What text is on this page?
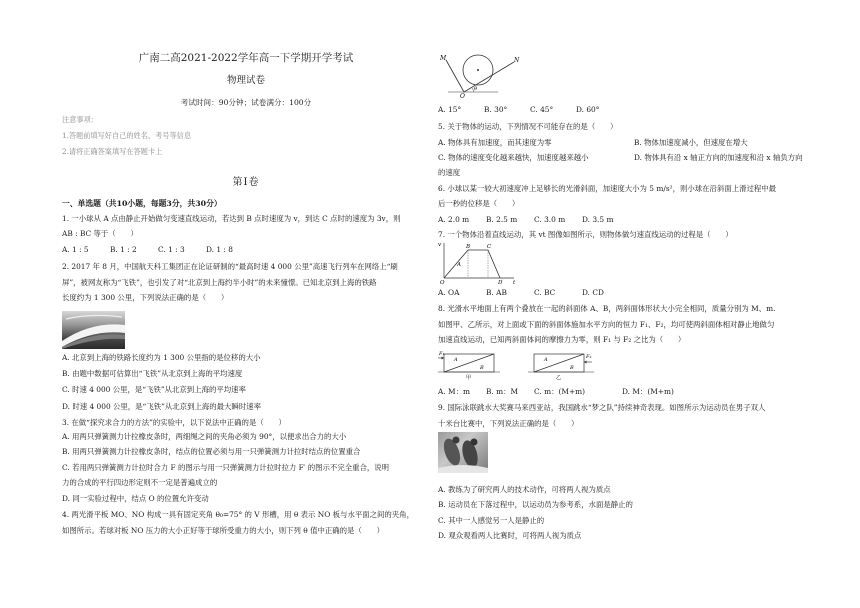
广南二高2021-2022学年高一下学期开学考试
物理试卷
考试时间：90分钟；试卷满分：100分
注意事项：
1.答题前填写好自己的姓名、考号等信息
2.请将正确答案填写在答题卡上
第Ⅰ卷
一、单选题（共10小题，每题3分，共30分）
1. 一小球从 A 点由静止开始做匀变速直线运动，若达到 B 点时速度为 v，到达 C 点时的速度为 3v，则
AB : BC 等于（　　）
A. 1 : 5	B. 1 : 2	C. 1 : 3	D. 1 : 8
2. 2017 年 8 月，中国航天科工集团正在论证研制的“最高时速 4 000 公里”高速飞行列车在网络上“刷
屏”，被网友称为“飞铁”，也引发了对“北京到上海约半小时”的未来憧憬。已知北京到上海的铁路
长度约为 1 300 公里，下列说法正确的是（　　）
A. 北京到上海的铁路长度约为 1 300 公里指的是位移的大小
B. 由题中数据可估算出“飞铁”从北京到上海的平均速度
C. 时速 4 000 公里，是“飞铁”从北京到上海的平均速率
D. 时速 4 000 公里，是“飞铁”从北京到上海的最大瞬时速率
3. 在做“探究求合力的方法”的实验中，以下说法中正确的是（　　）
A. 用两只弹簧测力计拉橡皮条时，两细绳之间的夹角必须为 90°，以便求出合力的大小
B. 用两只弹簧测力计拉橡皮条时，结点的位置必须与用一只弹簧测力计拉时结点的位置重合
C. 若用两只弹簧测力计拉时合力 F 的图示与用一只弹簧测力计拉时拉力 F′ 的图示不完全重合，说明
力的合成的平行四边形定则不一定是普遍成立的
D. 同一实验过程中，结点 O 的位置允许变动
4. 两光滑平板 MO、NO 构成一具有固定夹角 θ₀=75° 的 V 形槽，用 θ 表示 NO 板与水平面之间的夹角，
如图所示。若球对板 NO 压力的大小正好等于球所受重力的大小，则下列 θ 值中正确的是（　　）
M	N
O
θ
A. 15°	B. 30°	C. 45°	D. 60°
5. 关于物体的运动，下列情况不可能存在的是（　　）
A. 物体具有加速度，而其速度为零	B. 物体加速度减小，但速度在增大
C. 物体的速度变化越来越快，加速度越来越小	D. 物体具有沿 x 轴正方向的加速度和沿 x 轴负方向
的速度
6. 小球以某一较大初速度冲上足够长的光滑斜面，加速度大小为 5 m/s²，则小球在沿斜面上滑过程中最
后一秒的位移是（　　）
A. 2.0 m B. 2.5 m C. 3.0 m D. 3.5 m
7. 一个物体沿着直线运动，其 vt 图像如图所示，则物体做匀速直线运动的过程是（　　）
v	B	C
A
O	D t
A. OA	B. AB	C. BC	D. CD
8. 光滑水平地面上有两个叠放在一起的斜面体 A、B，两斜面体形状大小完全相同，质量分别为 M、m.
如图甲、乙所示，对上面或下面的斜面体施加水平方向的恒力 F₁、F₂，均可使两斜面体相对静止地做匀
加速直线运动，已知两斜面体间的摩擦力为零，则 F₁ 与 F₂ 之比为（　　）
F₁
A
B
甲
F₂
A
B
乙
A. M：m B. m：M C. m：(M+m)	D. M：(M+m)
9. 国际泳联跳水大奖赛马来西亚站，我国跳水“梦之队”持续神奇表现。如图所示为运动员在男子双人
十米台比赛中，下列说法正确的是（　　）
A. 教练为了研究两人的技术动作，可将两人视为质点
B. 运动员在下落过程中，以运动员为参考系，水面是静止的
C. 其中一人感觉另一人是静止的
D. 观众观看两人比赛时，可将两人视为质点
